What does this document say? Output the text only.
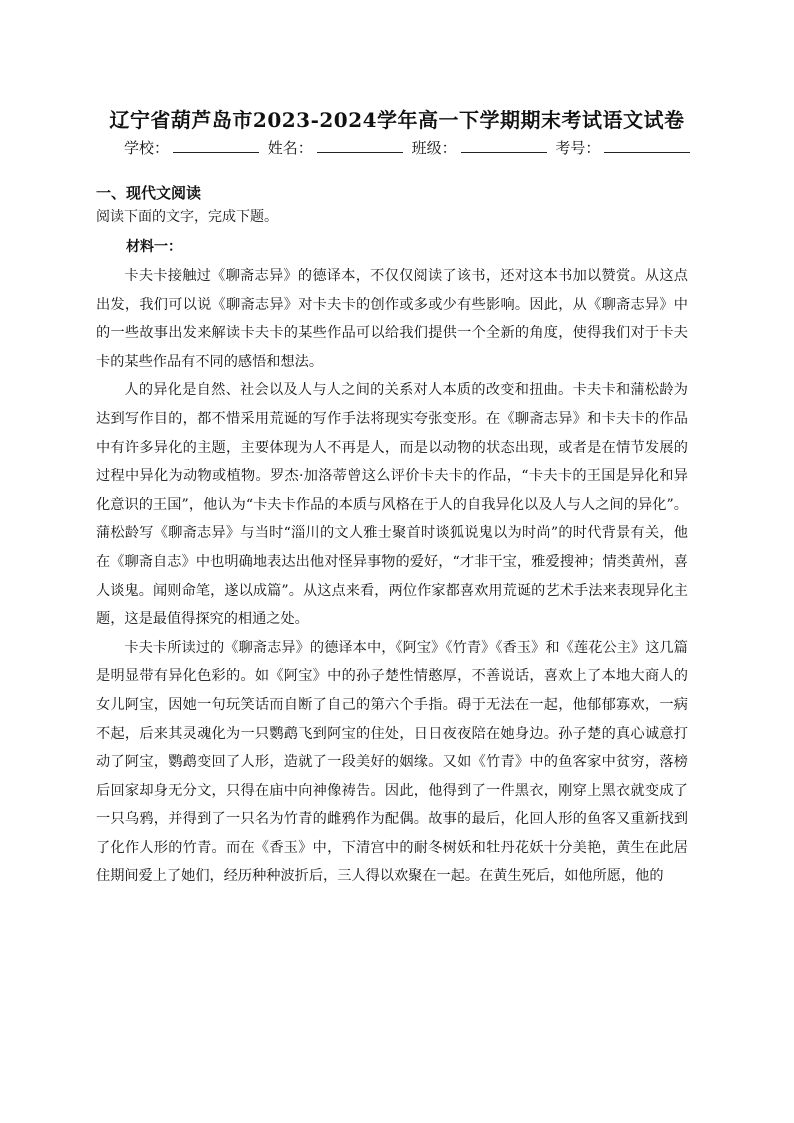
辽宁省葫芦岛市2023-2024学年高一下学期期末考试语文试卷
学校：	姓名：	班级：	考号：
一、现代文阅读
阅读下面的文字，完成下题。
材料一：

卡夫卡接触过《聊斋志异》的德译本，不仅仅阅读了该书，还对这本书加以赞赏。从这点出发，我们可以说《聊斋志异》对卡夫卡的创作或多或少有些影响。因此，从《聊斋志异》中的一些故事出发来解读卡夫卡的某些作品可以给我们提供一个全新的角度，使得我们对于卡夫卡的某些作品有不同的感悟和想法。

人的异化是自然、社会以及人与人之间的关系对人本质的改变和扭曲。卡夫卡和蒲松龄为达到写作目的，都不惜采用荒诞的写作手法将现实夸张变形。在《聊斋志异》和卡夫卡的作品中有许多异化的主题，主要体现为人不再是人，而是以动物的状态出现，或者是在情节发展的过程中异化为动物或植物。罗杰·加洛蒂曾这么评价卡夫卡的作品，“卡夫卡的王国是异化和异化意识的王国”，他认为“卡夫卡作品的本质与风格在于人的自我异化以及人与人之间的异化”。蒲松龄写《聊斋志异》与当时“淄川的文人雅士聚首时谈狐说鬼以为时尚”的时代背景有关，他在《聊斋自志》中也明确地表达出他对怪异事物的爱好，“才非干宝，雅爱搜神；情类黄州，喜人谈鬼。闻则命笔，遂以成篇”。从这点来看，两位作家都喜欢用荒诞的艺术手法来表现异化主题，这是最值得探究的相通之处。

卡夫卡所读过的《聊斋志异》的德译本中，《阿宝》《竹青》《香玉》和《莲花公主》这几篇是明显带有异化色彩的。如《阿宝》中的孙子楚性情憨厚，不善说话，喜欢上了本地大商人的女儿阿宝，因她一句玩笑话而自断了自己的第六个手指。碍于无法在一起，他郁郁寡欢，一病不起，后来其灵魂化为一只鹦鹉飞到阿宝的住处，日日夜夜陪在她身边。孙子楚的真心诚意打动了阿宝，鹦鹉变回了人形，造就了一段美好的姻缘。又如《竹青》中的鱼客家中贫穷，落榜后回家却身无分文，只得在庙中向神像祷告。因此，他得到了一件黑衣，刚穿上黑衣就变成了一只乌鸦，并得到了一只名为竹青的雌鸦作为配偶。故事的最后，化回人形的鱼客又重新找到了化作人形的竹青。而在《香玉》中，下清宫中的耐冬树妖和牡丹花妖十分美艳，黄生在此居住期间爱上了她们，经历种种波折后，三人得以欢聚在一起。在黄生死后，如他所愿，他的
